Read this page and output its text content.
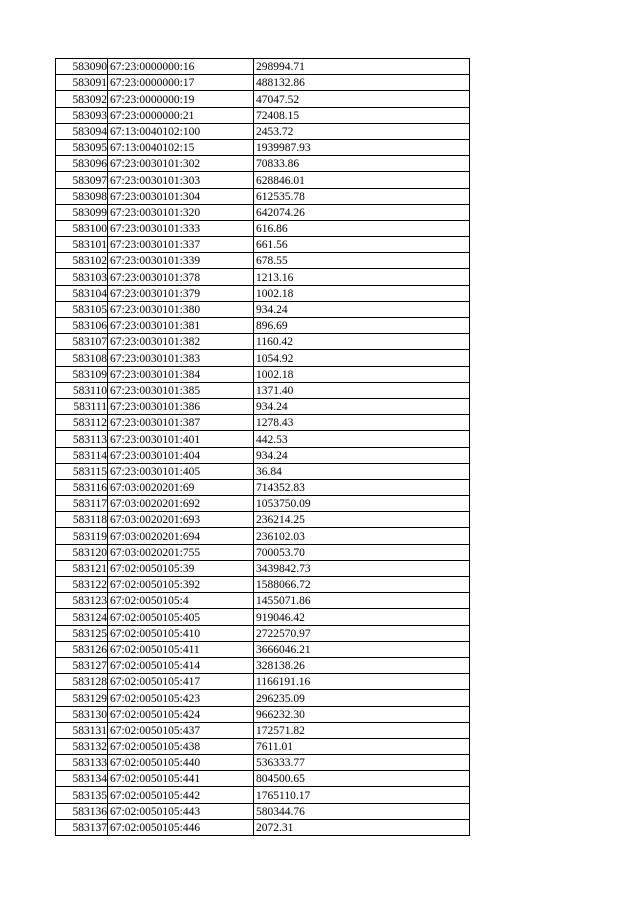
583090	67:23:0000000:16	298994.71
583091	67:23:0000000:17	488132.86
583092	67:23:0000000:19	47047.52
583093	67:23:0000000:21	72408.15
583094	67:13:0040102:100	2453.72
583095	67:13:0040102:15	1939987.93
583096	67:23:0030101:302	70833.86
583097	67:23:0030101:303	628846.01
583098	67:23:0030101:304	612535.78
583099	67:23:0030101:320	642074.26
583100	67:23:0030101:333	616.86
583101	67:23:0030101:337	661.56
583102	67:23:0030101:339	678.55
583103	67:23:0030101:378	1213.16
583104	67:23:0030101:379	1002.18
583105	67:23:0030101:380	934.24
583106	67:23:0030101:381	896.69
583107	67:23:0030101:382	1160.42
583108	67:23:0030101:383	1054.92
583109	67:23:0030101:384	1002.18
583110	67:23:0030101:385	1371.40
583111	67:23:0030101:386	934.24
583112	67:23:0030101:387	1278.43
583113	67:23:0030101:401	442.53
583114	67:23:0030101:404	934.24
583115	67:23:0030101:405	36.84
583116	67:03:0020201:69	714352.83
583117	67:03:0020201:692	1053750.09
583118	67:03:0020201:693	236214.25
583119	67:03:0020201:694	236102.03
583120	67:03:0020201:755	700053.70
583121	67:02:0050105:39	3439842.73
583122	67:02:0050105:392	1588066.72
583123	67:02:0050105:4	1455071.86
583124	67:02:0050105:405	919046.42
583125	67:02:0050105:410	2722570.97
583126	67:02:0050105:411	3666046.21
583127	67:02:0050105:414	328138.26
583128	67:02:0050105:417	1166191.16
583129	67:02:0050105:423	296235.09
583130	67:02:0050105:424	966232.30
583131	67:02:0050105:437	172571.82
583132	67:02:0050105:438	7611.01
583133	67:02:0050105:440	536333.77
583134	67:02:0050105:441	804500.65
583135	67:02:0050105:442	1765110.17
583136	67:02:0050105:443	580344.76
583137	67:02:0050105:446	2072.31
